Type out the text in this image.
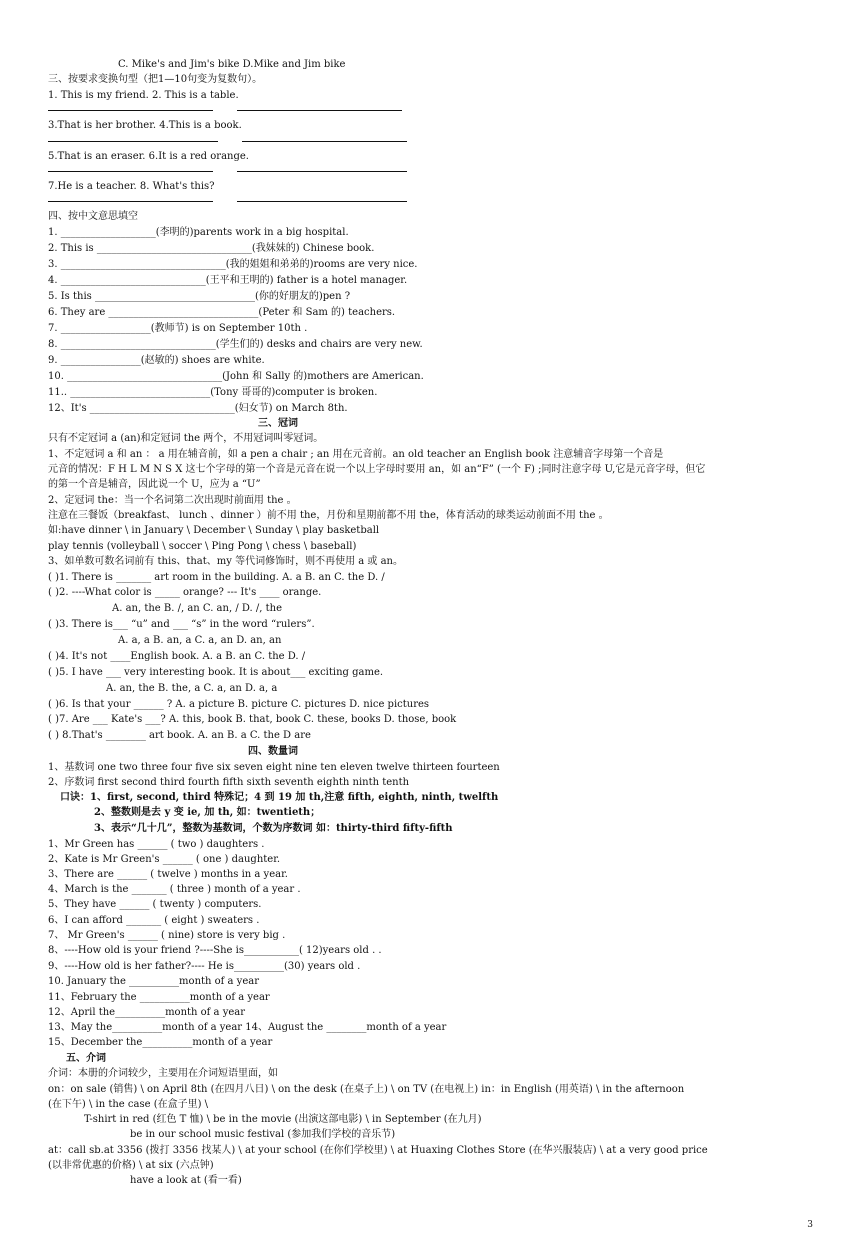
C. Mike's and Jim's bike D.Mike and Jim bike
三、按要求变换句型（把1—10句变为复数句）。
1. This is my friend. 2. This is a table.
3.That is her brother. 4.This is a book.
5.That is an eraser. 6.It is a red orange.
7.He is a teacher. 8. What's this?
四、按中文意思填空
1. ___________________(李明的)parents work in a big hospital.
2. This is _______________________________(我妹妹的) Chinese book.
3. _________________________________(我的姐姐和弟弟的)rooms are very nice.
4. _____________________________(王平和王明的) father is a hotel manager.
5. Is this ________________________________(你的好朋友的)pen ?
6. They are ______________________________(Peter 和 Sam 的) teachers.
7. __________________(教师节) is on September 10th .
8. _______________________________(学生们的) desks and chairs are very new.
9. ________________(赵敏的) shoes are white.
10. _______________________________(John 和 Sally 的)mothers are American.
11.. ____________________________(Tony 哥哥的)computer is broken.
12、It's _____________________________(妇女节) on March 8th.
三、冠词
只有不定冠词 a (an)和定冠词 the 两个，不用冠词叫零冠词。
1、不定冠词 a 和 an ： a 用在辅音前，如 a pen a chair ; an 用在元音前。an old teacher an English book 注意辅音字母第一个音是
元音的情况：F H L M N S X 这七个字母的第一个音是元音在说一个以上字母时要用 an，如 an“F” (一个 F) ;同时注意字母 U,它是元音字母，但它
的第一个音是辅音，因此说一个 U，应为 a “U”
2、定冠词 the：当一个名词第二次出现时前面用 the 。
注意在三餐饭（breakfast、 lunch 、dinner ）前不用 the，月份和星期前都不用 the，体育活动的球类运动前面不用 the 。
如:have dinner \ in January \ December \ Sunday \ play basketball
play tennis (volleyball \ soccer \ Ping Pong \ chess \ baseball)
3、如单数可数名词前有 this、that、my 等代词修饰时，则不再使用 a 或 an。
( )1. There is _______ art room in the building. A. a B. an C. the D. /
( )2. ----What color is _____ orange? --- It's ____ orange.
A. an, the B. /, an C. an, / D. /, the
( )3. There is___ “u” and ___ “s” in the word “rulers”.
A. a, a B. an, a C. a, an D. an, an
( )4. It's not ____English book. A. a B. an C. the D. /
( )5. I have ___ very interesting book. It is about___ exciting game.
A. an, the B. the, a C. a, an D. a, a
( )6. Is that your ______ ? A. a picture B. picture C. pictures D. nice pictures
( )7. Are ___ Kate's ___? A. this, book B. that, book C. these, books D. those, book
( ) 8.That's ________ art book. A. an B. a C. the D are
四、数量词
1、基数词 one two three four five six seven eight nine ten eleven twelve thirteen fourteen
2、序数词 first second third fourth fifth sixth seventh eighth ninth tenth
口诀：1、first, second, third 特殊记；4 到 19 加 th,注意 fifth, eighth, ninth, twelfth
2、整数则是去 y 变 ie, 加 th, 如：twentieth；
3、表示“几十几”，整数为基数词，个数为序数词 如：thirty-third fifty-fifth
1、Mr Green has ______ ( two ) daughters .
2、Kate is Mr Green's ______ ( one ) daughter.
3、There are ______ ( twelve ) months in a year.
4、March is the _______ ( three ) month of a year .
5、They have ______ ( twenty ) computers.
6、I can afford _______ ( eight ) sweaters .
7、 Mr Green's ______ ( nine) store is very big .
8、----How old is your friend ?----She is___________( 12)years old . .
9、----How old is her father?---- He is__________(30) years old .
10. January the __________month of a year
11、February the __________month of a year
12、April the__________month of a year
13、May the__________month of a year 14、August the ________month of a year
15、December the__________month of a year
五、介词
介词：本册的介词较少，主要用在介词短语里面，如
on：on sale (销售) \ on April 8th (在四月八日) \ on the desk (在桌子上) \ on TV (在电视上) in：in English (用英语) \ in the afternoon
(在下午) \ in the case (在盒子里) \
T-shirt in red (红色 T 恤) \ be in the movie (出演这部电影) \ in September (在九月)
be in our school music festival (参加我们学校的音乐节)
at：call sb.at 3356 (拨打 3356 找某人) \ at your school (在你们学校里) \ at Huaxing Clothes Store (在华兴服装店) \ at a very good price
(以非常优惠的价格) \ at six (六点钟)
have a look at (看一看)
3
